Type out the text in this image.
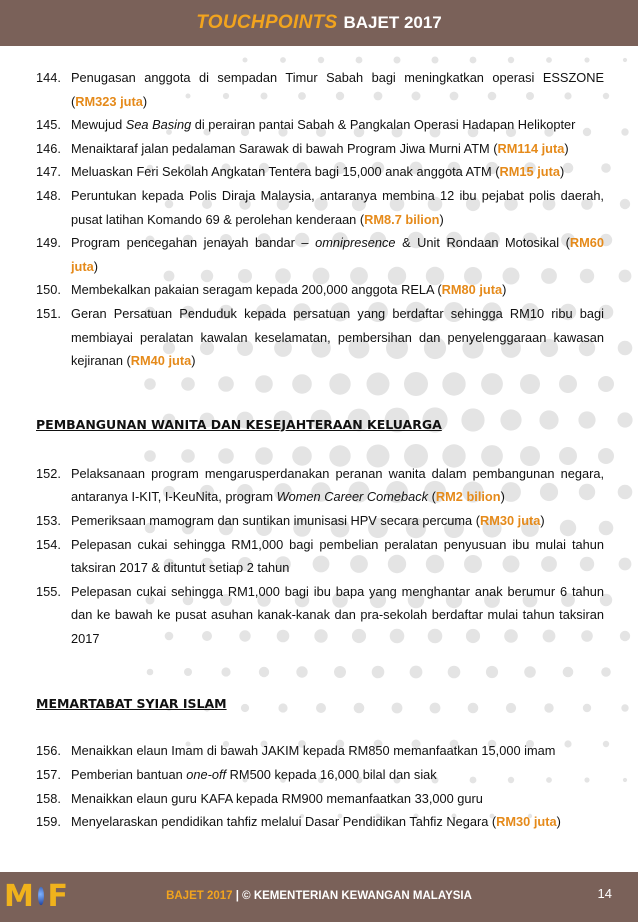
TOUCHPOINTS BAJET 2017
144. Penugasan anggota di sempadan Timur Sabah bagi meningkatkan operasi ESSZONE (RM323 juta)
145. Mewujud Sea Basing di perairan pantai Sabah & Pangkalan Operasi Hadapan Helikopter
146. Menaiktaraf jalan pedalaman Sarawak di bawah Program Jiwa Murni ATM (RM114 juta)
147. Meluaskan Feri Sekolah Angkatan Tentera bagi 15,000 anak anggota ATM (RM15 juta)
148. Peruntukan kepada Polis Diraja Malaysia, antaranya membina 12 ibu pejabat polis daerah, pusat latihan Komando 69 & perolehan kenderaan (RM8.7 bilion)
149. Program pencegahan jenayah bandar – omnipresence & Unit Rondaan Motosikal (RM60 juta)
150. Membekalkan pakaian seragam kepada 200,000 anggota RELA (RM80 juta)
151. Geran Persatuan Penduduk kepada persatuan yang berdaftar sehingga RM10 ribu bagi membiayai peralatan kawalan keselamatan, pembersihan dan penyelenggaraan kawasan kejiranan (RM40 juta)
PEMBANGUNAN WANITA DAN KESEJAHTERAAN KELUARGA
152. Pelaksanaan program mengarusperdanakan peranan wanita dalam pembangunan negara, antaranya I-KIT, I-KeuNita, program Women Career Comeback (RM2 bilion)
153. Pemeriksaan mamogram dan suntikan imunisasi HPV secara percuma (RM30 juta)
154. Pelepasan cukai sehingga RM1,000 bagi pembelian peralatan penyusuan ibu mulai tahun taksiran 2017 & dituntut setiap 2 tahun
155. Pelepasan cukai sehingga RM1,000 bagi ibu bapa yang menghantar anak berumur 6 tahun dan ke bawah ke pusat asuhan kanak-kanak dan pra-sekolah berdaftar mulai tahun taksiran 2017
MEMARTABAT SYIAR ISLAM
156. Menaikkan elaun Imam di bawah JAKIM kepada RM850 memanfaatkan 15,000 imam
157. Pemberian bantuan one-off RM500 kepada 16,000 bilal dan siak
158. Menaikkan elaun guru KAFA kepada RM900 memanfaatkan 33,000 guru
159. Menyelaraskan pendidikan tahfiz melalui Dasar Pendidikan Tahfiz Negara (RM30 juta)
M F	BAJET 2017 | © KEMENTERIAN KEWANGAN MALAYSIA	14
